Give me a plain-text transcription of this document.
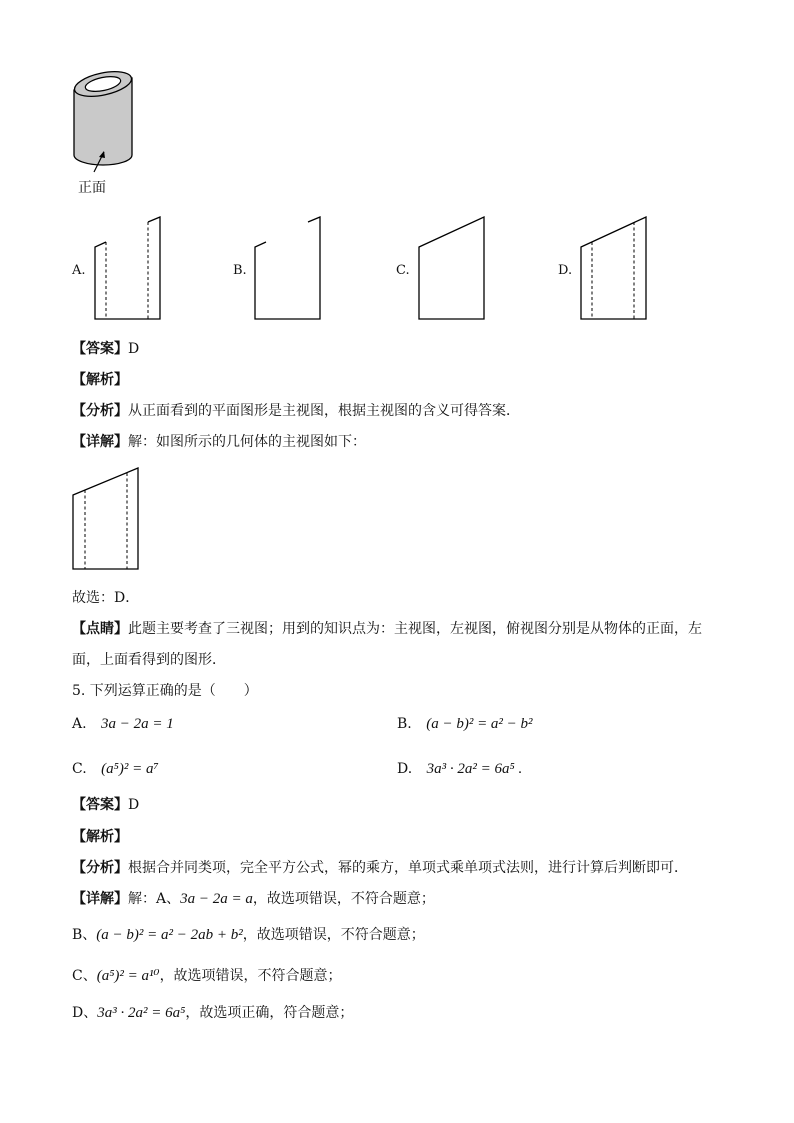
正面
A.	B.	C.	D.
【答案】D
【解析】
【分析】从正面看到的平面图形是主视图，根据主视图的含义可得答案．
【详解】解：如图所示的几何体的主视图如下：
故选：D．
【点睛】此题主要考查了三视图；用到的知识点为：主视图，左视图，俯视图分别是从物体的正面，左
面，上面看得到的图形．
5. 下列运算正确的是（　　）
A. 3a − 2a = 1	B. (a − b)² = a² − b²
C. (a⁵)² = a⁷	D. 3a³ · 2a² = 6a⁵ .
【答案】D
【解析】
【分析】根据合并同类项，完全平方公式，幂的乘方，单项式乘单项式法则，进行计算后判断即可．
【详解】解：A、3a − 2a = a，故选项错误，不符合题意；
B、(a − b)² = a² − 2ab + b²，故选项错误，不符合题意；
C、(a⁵)² = a¹⁰，故选项错误，不符合题意；
D、3a³ · 2a² = 6a⁵，故选项正确，符合题意；
